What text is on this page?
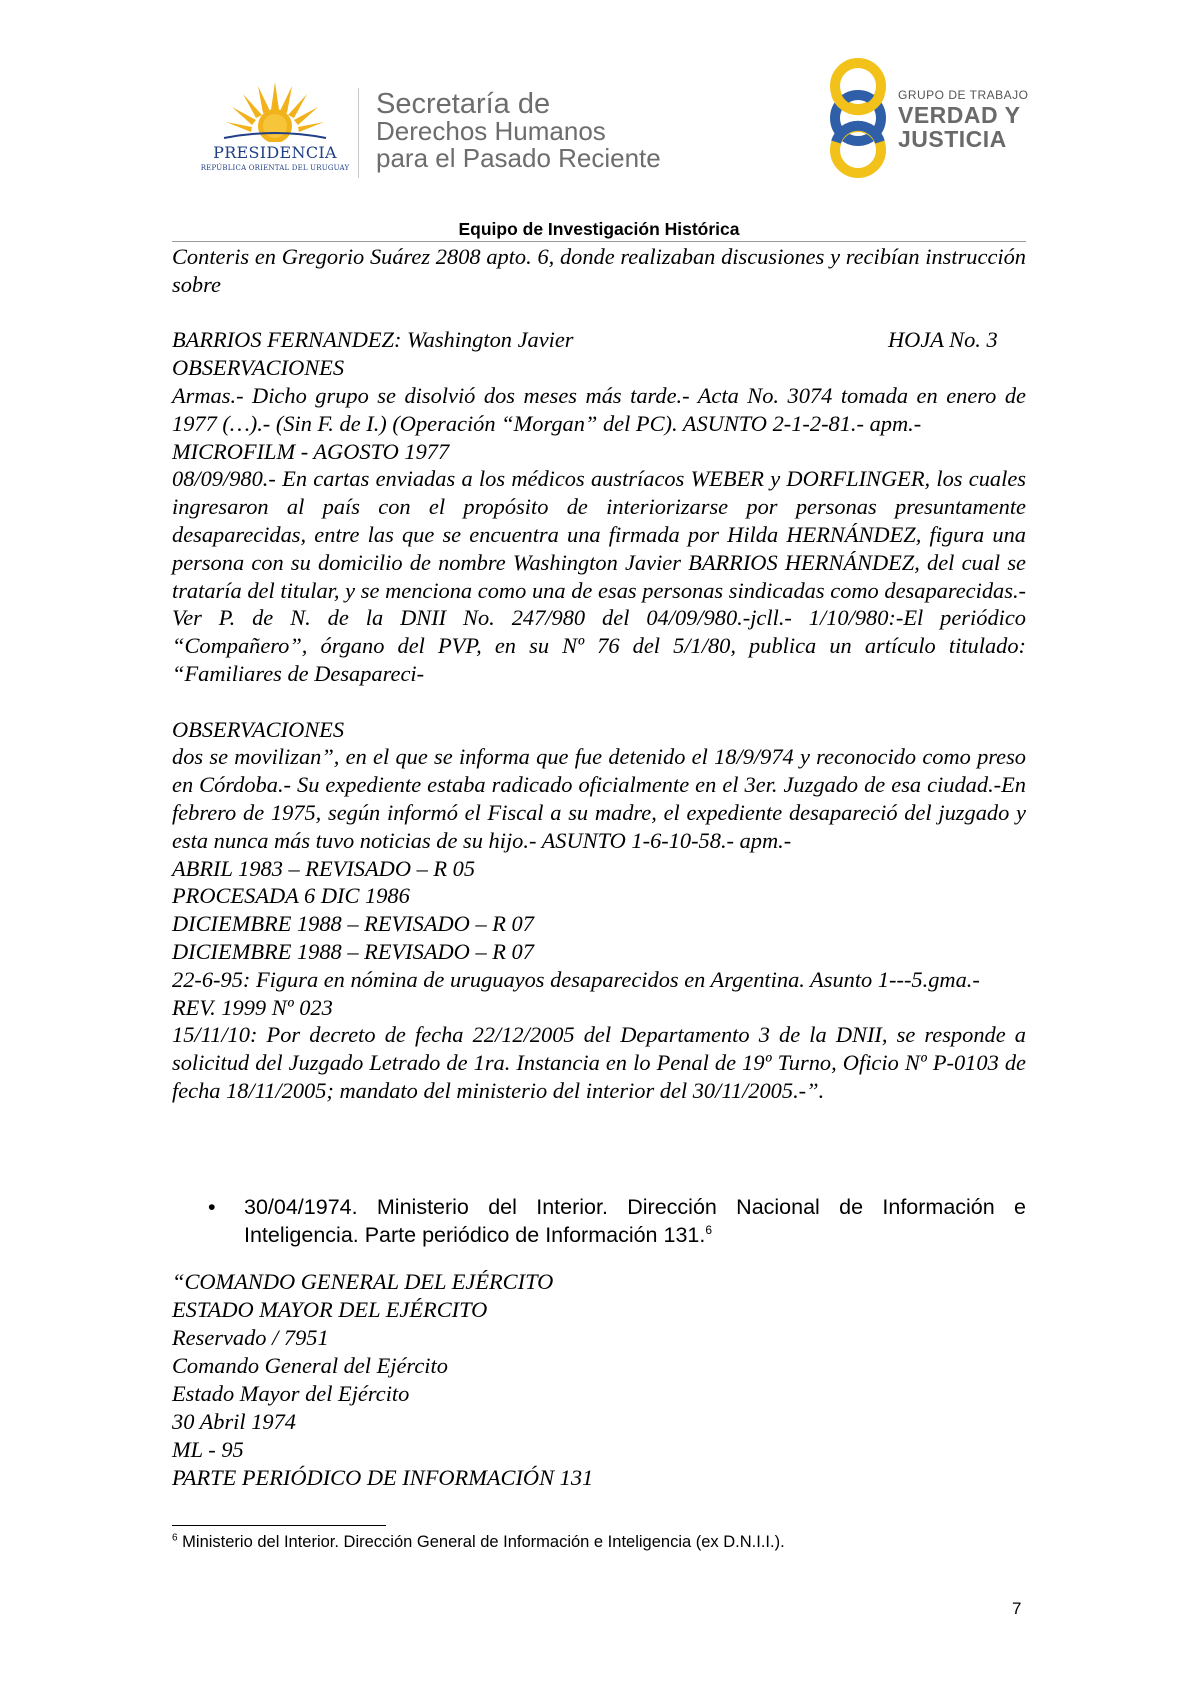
PRESIDENCIA
REPÚBLICA ORIENTAL DEL URUGUAY
Secretaría de
Derechos Humanos
para el Pasado Reciente
GRUPO DE TRABAJO
VERDAD Y
JUSTICIA
Equipo de Investigación Histórica

Conteris en Gregorio Suárez 2808 apto. 6, donde realizaban discusiones y recibían instrucción sobre

BARRIOS FERNANDEZ: Washington Javier	HOJA No. 3

OBSERVACIONES

Armas.- Dicho grupo se disolvió dos meses más tarde.- Acta No. 3074 tomada en enero de 1977 (…).- (Sin F. de I.) (Operación “Morgan” del PC). ASUNTO 2-1-2-81.- apm.-

MICROFILM - AGOSTO 1977

08/09/980.- En cartas enviadas a los médicos austríacos WEBER y DORFLINGER, los cuales ingresaron al país con el propósito de interiorizarse por personas presuntamente desaparecidas, entre las que se encuentra una firmada por Hilda HERNÁNDEZ, figura una persona con su domicilio de nombre Washington Javier BARRIOS HERNÁNDEZ, del cual se trataría del titular, y se menciona como una de esas personas sindicadas como desaparecidas.- Ver P. de N. de la DNII No. 247/980 del 04/09/980.-jcll.- 1/10/980:-El periódico “Compañero”, órgano del PVP, en su Nº 76 del 5/1/80, publica un artículo titulado: “Familiares de Desapareci-

OBSERVACIONES

dos se movilizan”, en el que se informa que fue detenido el 18/9/974 y reconocido como preso en Córdoba.- Su expediente estaba radicado oficialmente en el 3er. Juzgado de esa ciudad.-En febrero de 1975, según informó el Fiscal a su madre, el expediente desapareció del juzgado y esta nunca más tuvo noticias de su hijo.- ASUNTO 1-6-10-58.- apm.-

ABRIL 1983 – REVISADO – R 05

PROCESADA 6 DIC 1986

DICIEMBRE 1988 – REVISADO – R 07

DICIEMBRE 1988 – REVISADO – R 07

22-6-95: Figura en nómina de uruguayos desaparecidos en Argentina. Asunto 1---5.gma.-

REV. 1999 Nº 023

15/11/10: Por decreto de fecha 22/12/2005 del Departamento 3 de la DNII, se responde a solicitud del Juzgado Letrado de 1ra. Instancia en lo Penal de 19º Turno, Oficio Nº P-0103 de fecha 18/11/2005; mandato del ministerio del interior del 30/11/2005.-”.

• 30/04/1974. Ministerio del Interior. Dirección Nacional de Información e Inteligencia. Parte periódico de Información 131.$^6$

“COMANDO GENERAL DEL EJÉRCITO

ESTADO MAYOR DEL EJÉRCITO

Reservado / 7951

Comando General del Ejército

Estado Mayor del Ejército

30 Abril 1974

ML - 95

PARTE PERIÓDICO DE INFORMACIÓN 131

$^6$ Ministerio del Interior. Dirección General de Información e Inteligencia (ex D.N.I.I.).
7
